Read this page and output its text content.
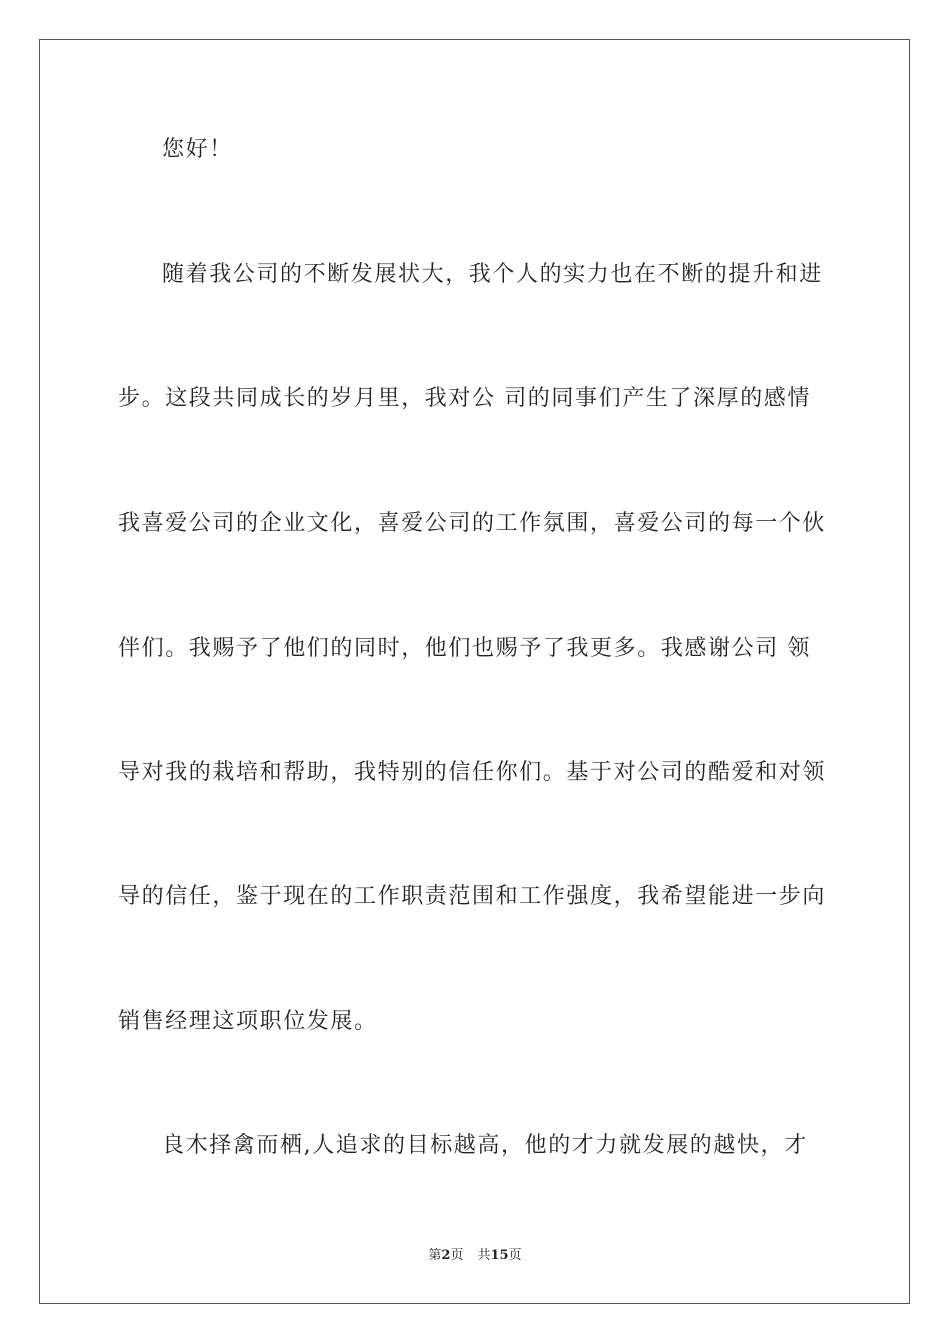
您好！
随着我公司的不断发展状大，我个人的实力也在不断的提升和进
步。这段共同成长的岁月里，我对公 司的同事们产生了深厚的感情
我喜爱公司的企业文化，喜爱公司的工作氛围，喜爱公司的每一个伙
伴们。我赐予了他们的同时，他们也赐予了我更多。我感谢公司 领
导对我的栽培和帮助，我特别的信任你们。基于对公司的酷爱和对领
导的信任，鉴于现在的工作职责范围和工作强度，我希望能进一步向
销售经理这项职位发展。
良木择禽而栖,人追求的目标越高，他的才力就发展的越快，才
第2页 共15页
